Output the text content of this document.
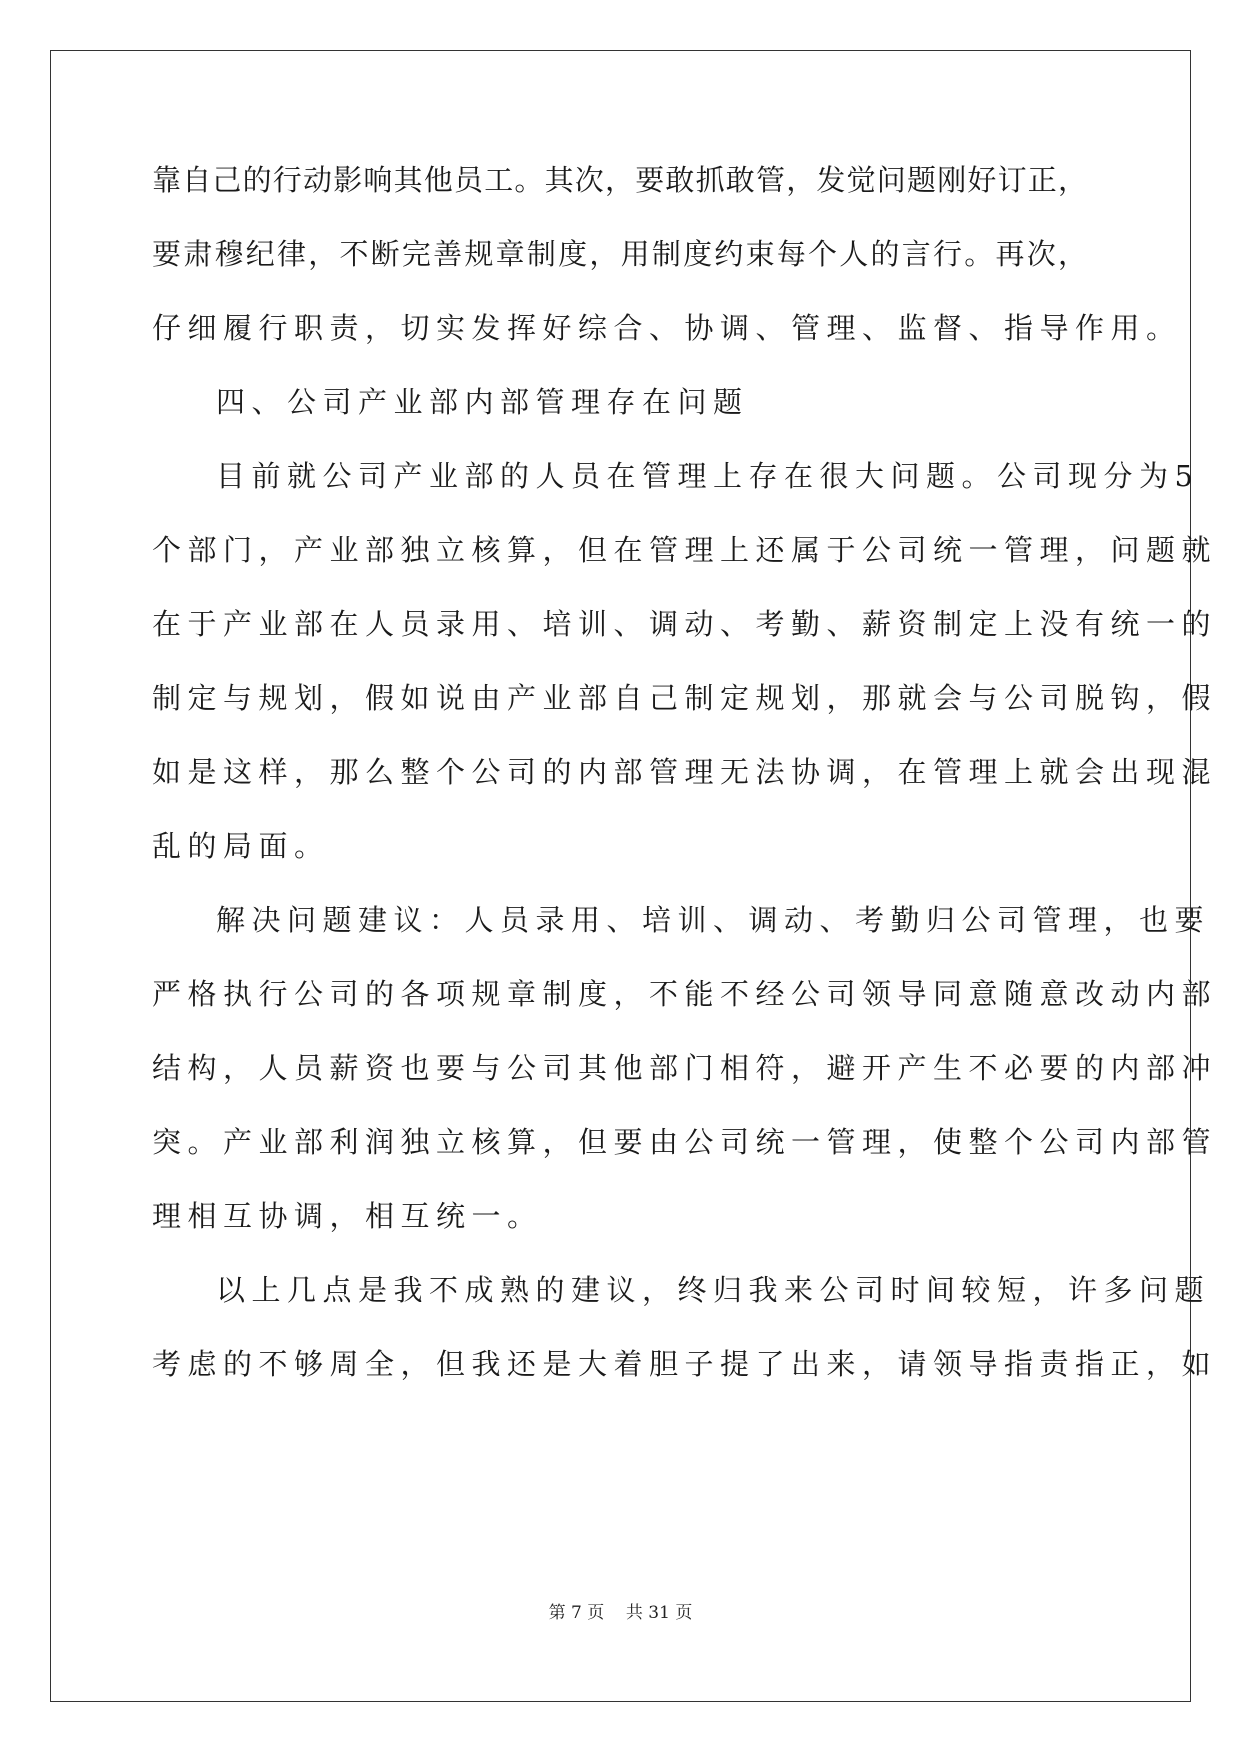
靠自己的行动影响其他员工。其次，要敢抓敢管，发觉问题刚好订正，
要肃穆纪律，不断完善规章制度，用制度约束每个人的言行。再次，
仔细履行职责，切实发挥好综合、协调、管理、监督、指导作用。
四、公司产业部内部管理存在问题
目前就公司产业部的人员在管理上存在很大问题。公司现分为5
个部门，产业部独立核算，但在管理上还属于公司统一管理，问题就
在于产业部在人员录用、培训、调动、考勤、薪资制定上没有统一的
制定与规划，假如说由产业部自己制定规划，那就会与公司脱钩，假
如是这样，那么整个公司的内部管理无法协调，在管理上就会出现混
乱的局面。
解决问题建议：人员录用、培训、调动、考勤归公司管理，也要
严格执行公司的各项规章制度，不能不经公司领导同意随意改动内部
结构，人员薪资也要与公司其他部门相符，避开产生不必要的内部冲
突。产业部利润独立核算，但要由公司统一管理，使整个公司内部管
理相互协调，相互统一。
以上几点是我不成熟的建议，终归我来公司时间较短，许多问题
考虑的不够周全，但我还是大着胆子提了出来，请领导指责指正，如
第 7 页 共 31 页
